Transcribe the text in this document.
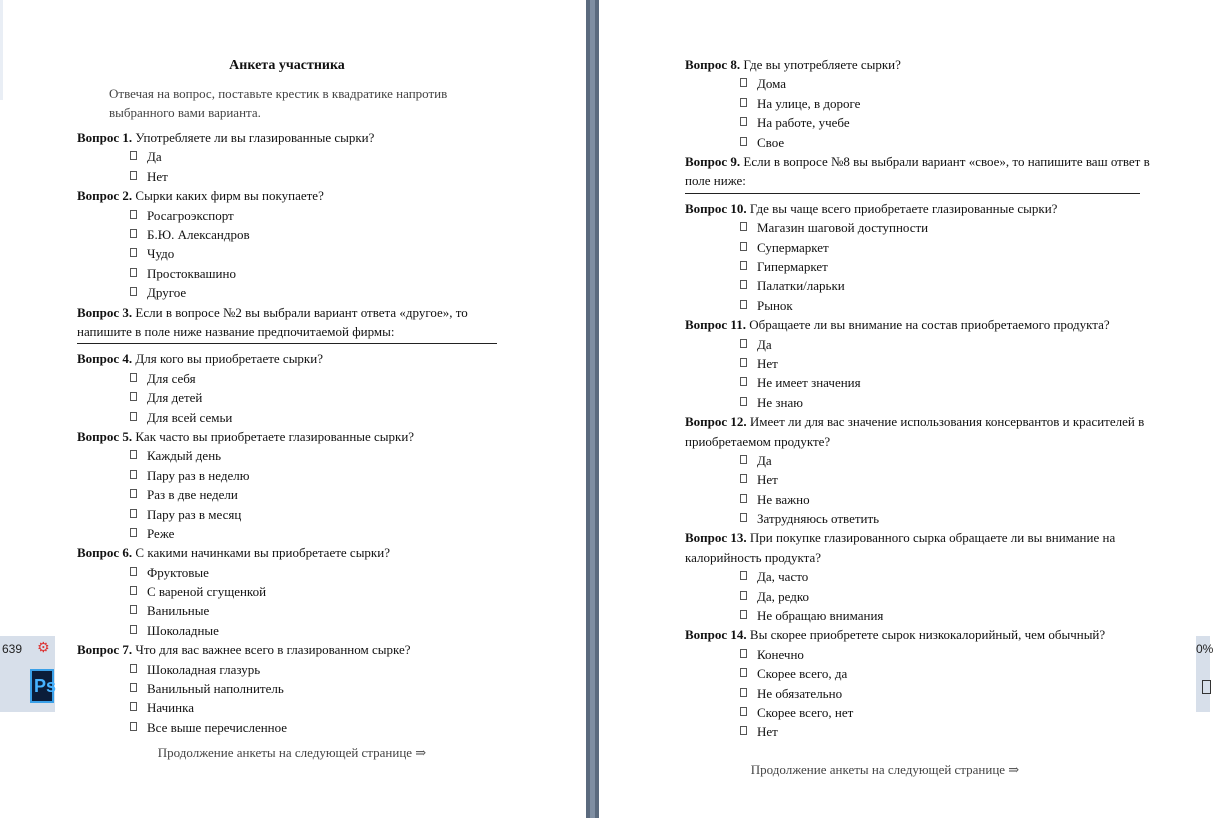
Анкета участника
Отвечая на вопрос, поставьте крестик в квадратике напротив выбранного вами варианта.
Вопрос 1. Употребляете ли вы глазированные сырки?
Да
Нет
Вопрос 2. Сырки каких фирм вы покупаете?
Росагроэкспорт
Б.Ю. Александров
Чудо
Простоквашино
Другое
Вопрос 3. Если в вопросе №2 вы выбрали вариант ответа «другое», то напишите в поле ниже название предпочитаемой фирмы:
Вопрос 4. Для кого вы приобретаете сырки?
Для себя
Для детей
Для всей семьи
Вопрос 5. Как часто вы приобретаете глазированные сырки?
Каждый день
Пару раз в неделю
Раз в две недели
Пару раз в месяц
Реже
Вопрос 6. С какими начинками вы приобретаете сырки?
Фруктовые
С вареной сгущенкой
Ванильные
Шоколадные
Вопрос 7. Что для вас важнее всего в глазированном сырке?
Шоколадная глазурь
Ванильный наполнитель
Начинка
Все выше перечисленное
Продолжение анкеты на следующей странице ⇒
Вопрос 8. Где вы употребляете сырки?
Дома
На улице, в дороге
На работе, учебе
Свое
Вопрос 9. Если в вопросе №8 вы выбрали вариант «свое», то напишите ваш ответ в поле ниже:
Вопрос 10. Где вы чаще всего приобретаете глазированные сырки?
Магазин шаговой доступности
Супермаркет
Гипермаркет
Палатки/ларьки
Рынок
Вопрос 11. Обращаете ли вы внимание на состав приобретаемого продукта?
Да
Нет
Не имеет значения
Не знаю
Вопрос 12. Имеет ли для вас значение использования консервантов и красителей в приобретаемом продукте?
Да
Нет
Не важно
Затрудняюсь ответить
Вопрос 13. При покупке глазированного сырка обращаете ли вы внимание на калорийность продукта?
Да, часто
Да, редко
Не обращаю внимания
Вопрос 14. Вы скорее приобретете сырок низкокалорийный, чем обычный?
Конечно
Скорее всего, да
Не обязательно
Скорее всего, нет
Нет
Продолжение анкеты на следующей странице ⇒
639 ⚙
Ps
0%
